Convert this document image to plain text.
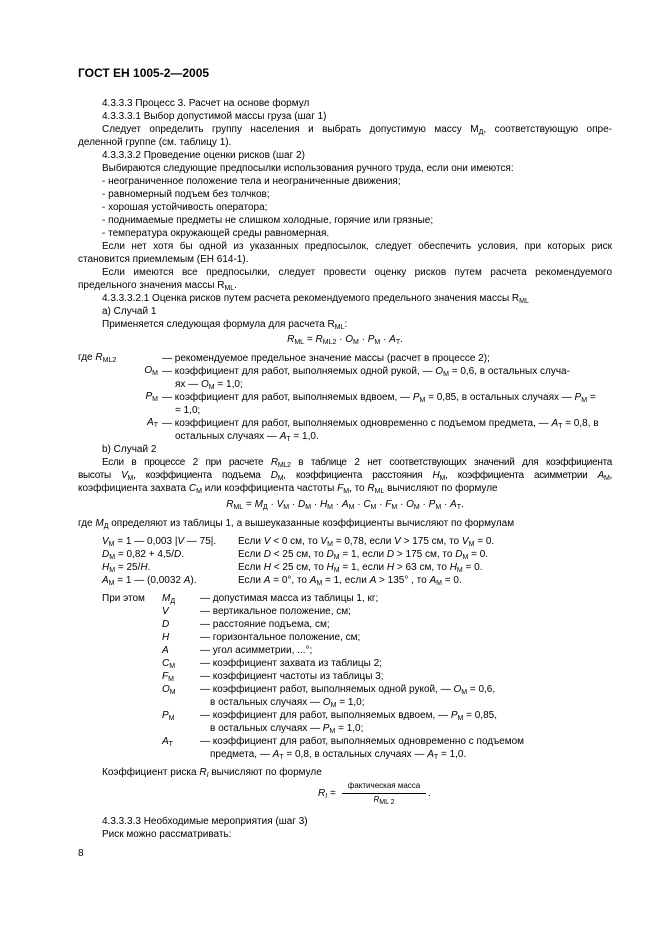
ГОСТ ЕН 1005-2—2005
4.3.3.3 Процесс 3. Расчет на основе формул
4.3.3.3.1 Выбор допустимой массы груза (шаг 1)
Следует определить группу населения и выбрать допустимую массу $M_Д$, соответствующую опре-
деленной группе (см. таблицу 1).
4.3.3.3.2 Проведение оценки рисков (шаг 2)
Выбираются следующие предпосылки использования ручного труда, если они имеются:
- неограниченное положение тела и неограниченные движения;
- равномерный подъем без толчков;
- хорошая устойчивость оператора;
- поднимаемые предметы не слишком холодные, горячие или грязные;
- температура окружающей среды равномерная.
Если нет хотя бы одной из указанных предпосылок, следует обеспечить условия, при которых риск
становится приемлемым (ЕН 614-1).
Если имеются все предпосылки, следует провести оценку рисков путем расчета рекомендуемого
предельного значения массы $R_{ML}$.
4.3.3.3.2.1 Оценка рисков путем расчета рекомендуемого предельного значения массы $R_{ML}$
а) Случай 1
Применяется следующая формула для расчета $R_{ML}$:
$R_{ML} = R_{ML2} \cdot O_М \cdot P_М \cdot A_Т$.
где $R_{ML2}$	— рекомендуемое предельное значение массы (расчет в процессе 2);
$O_М$ — коэффициент для работ, выполняемых одной рукой, — $O_М = 0,6$, в остальных случа-
ях — $O_М = 1,0$;
$P_М$ — коэффициент для работ, выполняемых вдвоем, — $P_М = 0,85$, в остальных случаях — $P_М$ =
= 1,0;
$A_Т$ — коэффициент для работ, выполняемых одновременно с подъемом предмета, — $A_Т = 0,8$, в
остальных случаях — $A_Т = 1,0$.
b) Случай 2
Если в процессе 2 при расчете $R_{ML2}$ в таблице 2 нет соответствующих значений для коэффициента
высоты $V_М$, коэффициента подъема $D_М$, коэффициента расстояния $H_М$, коэффициента асимметрии $A_М$,
коэффициента захвата $C_М$ или коэффициента частоты $F_М$, то $R_{ML}$ вычисляют по формуле
$R_{ML} = M_Д \cdot V_М \cdot D_М \cdot H_М \cdot A_М \cdot C_М \cdot F_М \cdot O_М \cdot P_М \cdot A_Т$.
где $M_Д$ определяют из таблицы 1, а вышеуказанные коэффициенты вычисляют по формулам
$V_М = 1$ — 0,003 |V — 75|. Если V < 0 см, то $V_М = 0,78$, если V > 175 см, то $V_М = 0$.
$D_М = 0,82 + 4,5/D$.	Если D < 25 см, то $D_М = 1$, если D > 175 см, то $D_М = 0$.
$H_М = 25/H$.	Если H < 25 см, то $H_М = 1$, если H > 63 см, то $H_М = 0$.
$A_М = 1$ — (0,0032 A).	Если A = 0°, то $A_М = 1$, если A > 135° , то $A_М = 0$.
При этом $M_Д$ — допустимая масса из таблицы 1, кг;
V	— вертикальное положение, см;
D	— расстояние подъема, см;
H	— горизонтальное положение, см;
A	— угол асимметрии, ...°;
$C_М$ — коэффициент захвата из таблицы 2;
$F_М$	— коэффициент частоты из таблицы 3;
$O_М$ — коэффициент работ, выполняемых одной рукой, — $O_М = 0,6$,
в остальных случаях — $O_М = 1,0$;
$P_М$	— коэффициент для работ, выполняемых вдвоем, — $P_М = 0,85$,
в остальных случаях — $P_М = 1,0$;
$A_Т$	— коэффициент для работ, выполняемых одновременно с подъемом
предмета, — $A_Т = 0,8$, в остальных случаях — $A_Т = 1,0$.
Коэффициент риска $R_I$ вычисляют по формуле
$R_I$ =
фактическая масса
$R_{ML 2}$
.
4.3.3.3.3 Необходимые мероприятия (шаг 3)
Риск можно рассматривать:
8
